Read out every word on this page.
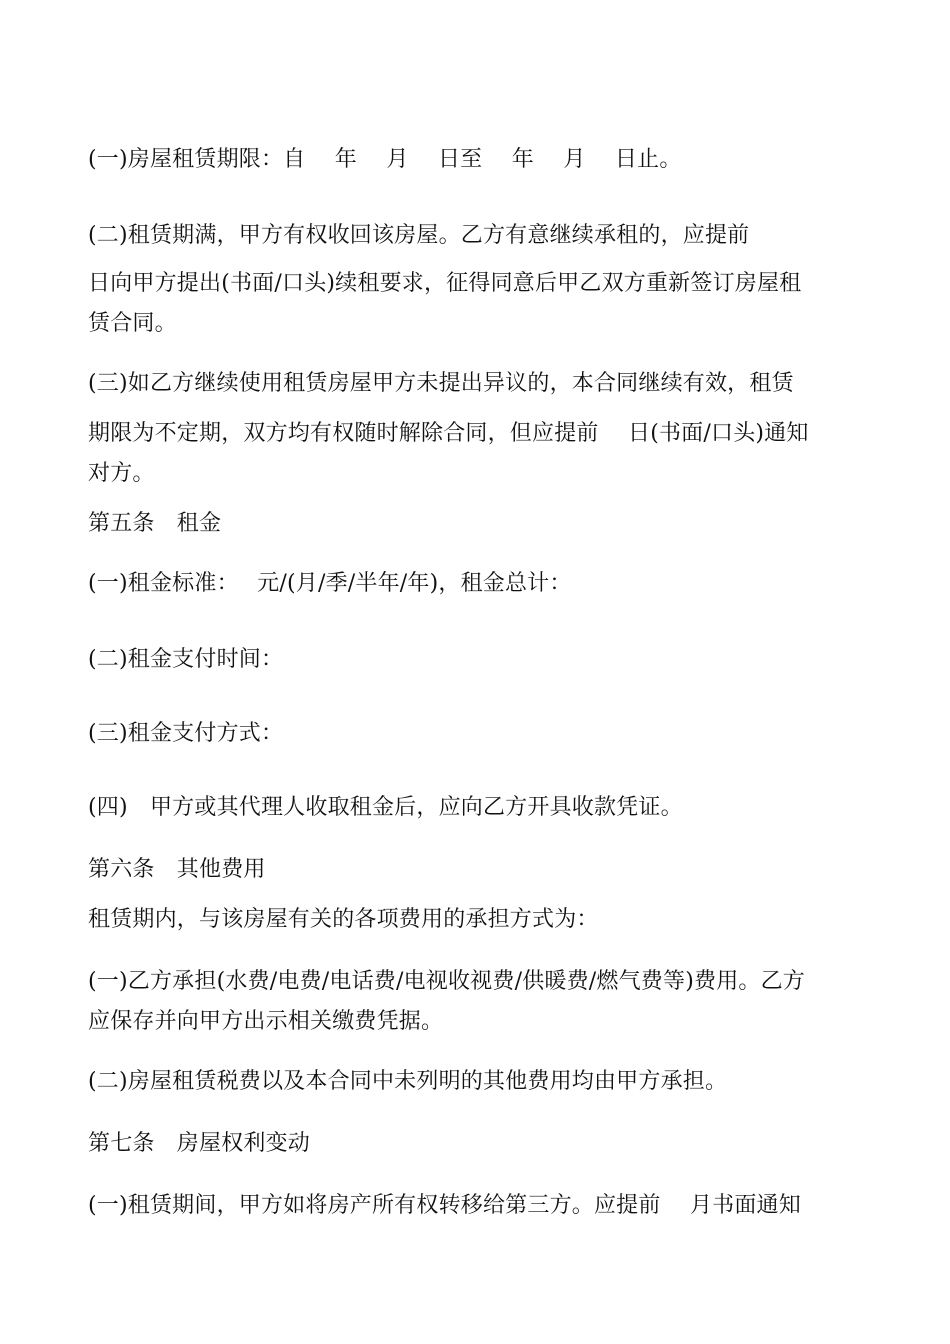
(一)房屋租赁期限：自　 年　 月　 日至　 年　 月　 日止。
(二)租赁期满，甲方有权收回该房屋。乙方有意继续承租的，应提前
日向甲方提出(书面/口头)续租要求，征得同意后甲乙双方重新签订房屋租
赁合同。
(三)如乙方继续使用租赁房屋甲方未提出异议的，本合同继续有效，租赁
期限为不定期，双方均有权随时解除合同，但应提前　 日(书面/口头)通知
对方。
第五条　租金
(一)租金标准：　 元/(月/季/半年/年)，租金总计：
(二)租金支付时间：
(三)租金支付方式：
(四)　甲方或其代理人收取租金后，应向乙方开具收款凭证。
第六条　其他费用
租赁期内，与该房屋有关的各项费用的承担方式为：
(一)乙方承担(水费/电费/电话费/电视收视费/供暖费/燃气费等)费用。乙方
应保存并向甲方出示相关缴费凭据。
(二)房屋租赁税费以及本合同中未列明的其他费用均由甲方承担。
第七条　房屋权利变动
(一)租赁期间，甲方如将房产所有权转移给第三方。应提前　 月书面通知
